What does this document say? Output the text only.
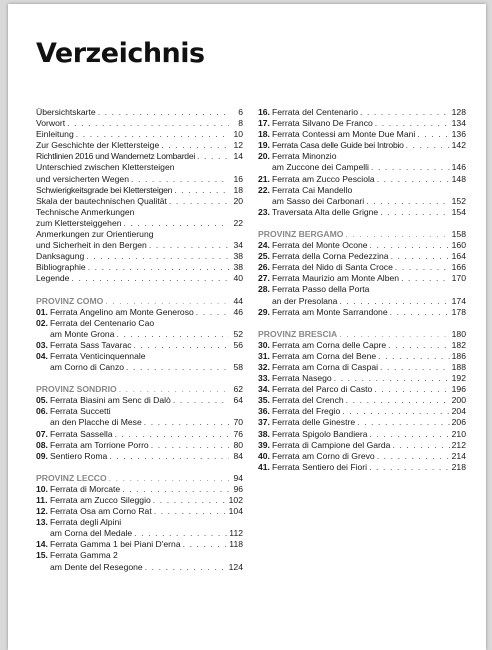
Verzeichnis
Übersichtskarte . . .	6
Vorwort . . .	8
Einleitung . . .	10
Zur Geschichte der Klettersteige . . .	12
Richtlinien 2016 und Wandernetz Lombardei . . .	14
Unterschied zwischen Klettersteigen
und versicherten Wegen . . .	16
Schwierigkeitsgrade bei Klettersteigen . . .	18
Skala der bautechnischen Qualität . . .	20
Technische Anmerkungen
zum Klettersteiggehen . . .	22
Anmerkungen zur Orientierung
und Sicherheit in den Bergen . . .	34
Danksagung . . .	38
Bibliographie . . .	38
Legende . . .	40
PROVINZ COMO . . .	44
01. Ferrata Angelino am Monte Generoso . . .	46
02. Ferrata del Centenario Cao
am Monte Grona . . .	52
03. Ferrata Sass Tavarac . . .	56
04. Ferrata Venticinquennale
am Corno di Canzo . . .	58
PROVINZ SONDRIO . . .	62
05. Ferrata Biasini am Senc di Dalò . . .	64
06. Ferrata Succetti
an den Placche di Mese . . .	70
07. Ferrata Sassella . . .	76
08. Ferrata am Torrione Porro . . .	80
09. Sentiero Roma . . .	84
PROVINZ LECCO . . .	94
10. Ferrata di Morcate . . .	96
11. Ferrata am Zucco Sileggio . . .	102
12. Ferrata Osa am Corno Rat . . .	104
13. Ferrata degli Alpini
am Corna del Medale . . .	112
14. Ferrata Gamma 1 bei Piani D'erna . . .	118
15. Ferrata Gamma 2
am Dente del Resegone . . .	124
16. Ferrata del Centenario . . .	128
17. Ferrata Silvano De Franco . . .	134
18. Ferrata Contessi am Monte Due Mani . . .	136
19. Ferrata Casa delle Guide bei Introbio . . .	142
20. Ferrata Minonzio
am Zuccone dei Campelli . . .	146
21. Ferrata am Zucco Pesciola . . .	148
22. Ferrata Cai Mandello
am Sasso dei Carbonari . . .	152
23. Traversata Alta delle Grigne . . .	154
PROVINZ BERGAMO . . .	158
24. Ferrata del Monte Ocone . . .	160
25. Ferrata della Corna Pedezzina . . .	164
26. Ferrata del Nido di Santa Croce . . .	166
27. Ferrata Maurizio am Monte Alben . . .	170
28. Ferrata Passo della Porta
an der Presolana . . .	174
29. Ferrata am Monte Sarrandone . . .	178
PROVINZ BRESCIA . . .	180
30. Ferrata am Corna delle Capre . . .	182
31. Ferrata am Corna del Bene . . .	186
32. Ferrata am Corna di Caspai . . .	188
33. Ferrata Nasego . . .	192
34. Ferrata del Parco di Casto . . .	196
35. Ferrata del Crench . . .	200
36. Ferrata del Fregio . . .	204
37. Ferrata delle Ginestre . . .	206
38. Ferrata Spigolo Bandiera . . .	210
39. Ferrata di Campione del Garda . . .	212
40. Ferrata am Corno di Grevo . . .	214
41. Ferrata Sentiero dei Fiori . . .	218
